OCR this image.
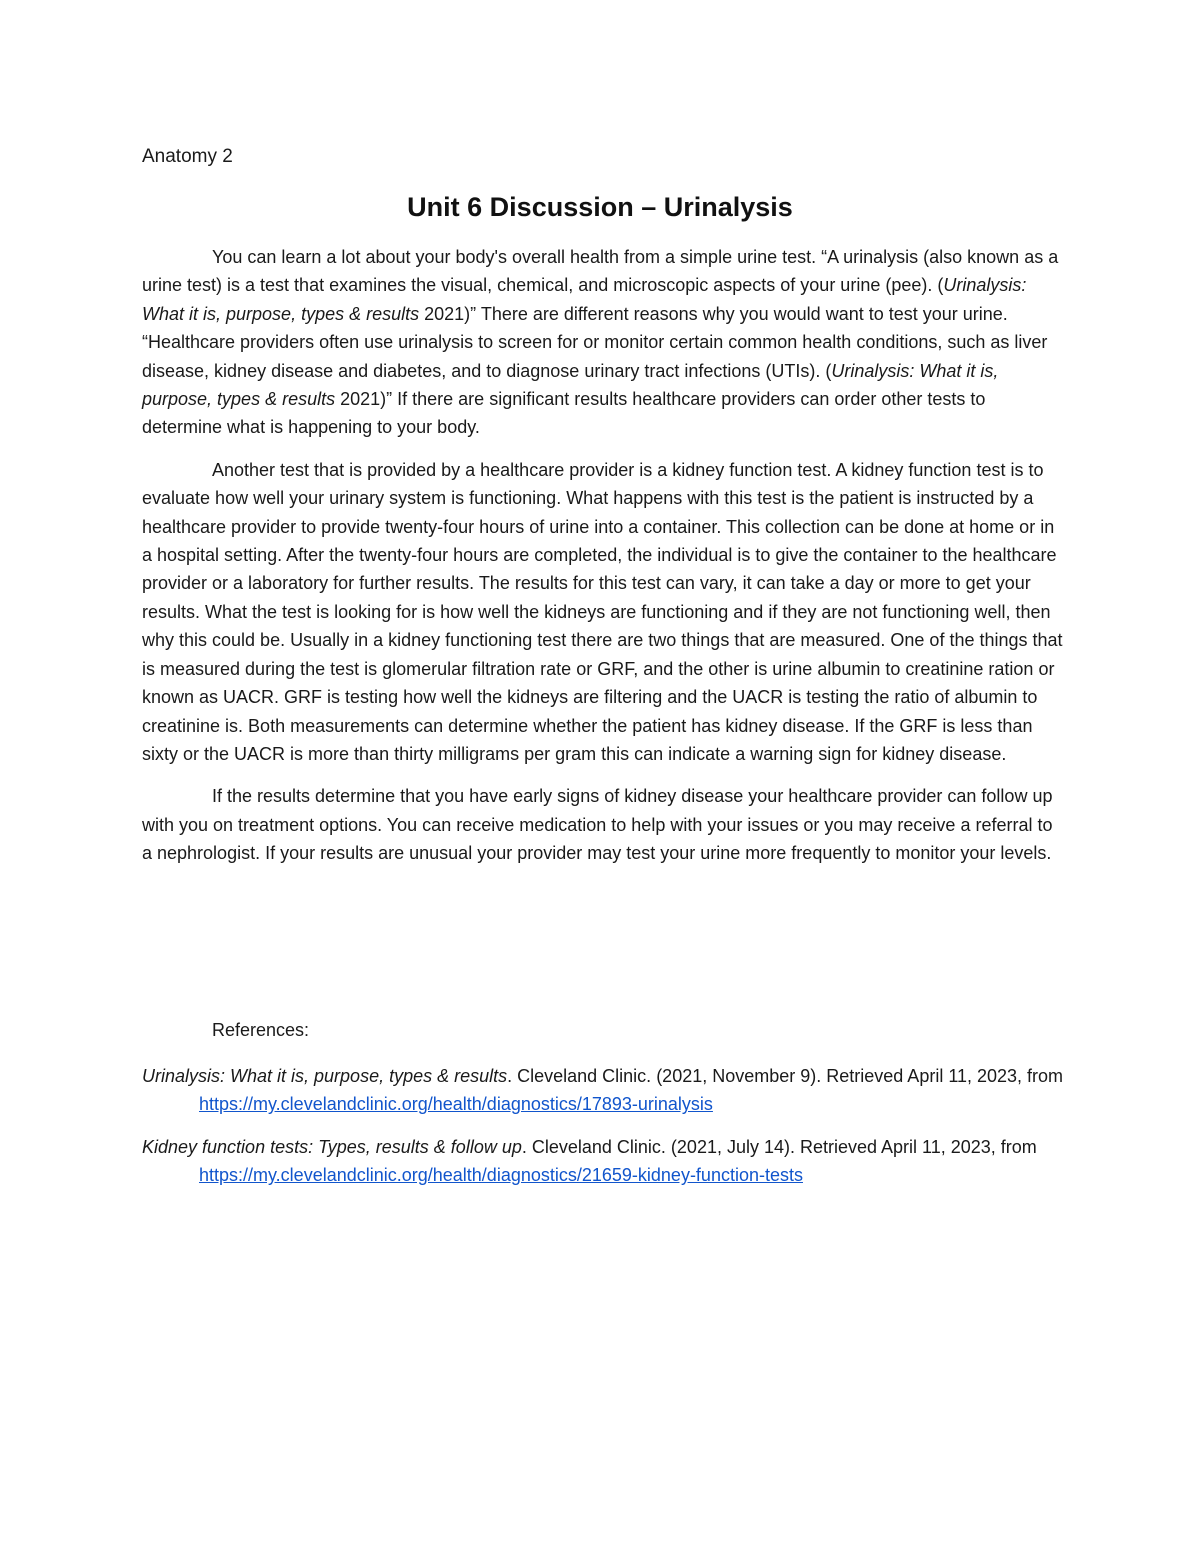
Anatomy 2

Unit 6 Discussion – Urinalysis

You can learn a lot about your body's overall health from a simple urine test. “A urinalysis (also known as a urine test) is a test that examines the visual, chemical, and microscopic aspects of your urine (pee). (Urinalysis: What it is, purpose, types & results 2021)” There are different reasons why you would want to test your urine. “Healthcare providers often use urinalysis to screen for or monitor certain common health conditions, such as liver disease, kidney disease and diabetes, and to diagnose urinary tract infections (UTIs). (Urinalysis: What it is, purpose, types & results 2021)” If there are significant results healthcare providers can order other tests to determine what is happening to your body.

Another test that is provided by a healthcare provider is a kidney function test. A kidney function test is to evaluate how well your urinary system is functioning. What happens with this test is the patient is instructed by a healthcare provider to provide twenty-four hours of urine into a container. This collection can be done at home or in a hospital setting. After the twenty-four hours are completed, the individual is to give the container to the healthcare provider or a laboratory for further results. The results for this test can vary, it can take a day or more to get your results. What the test is looking for is how well the kidneys are functioning and if they are not functioning well, then why this could be. Usually in a kidney functioning test there are two things that are measured. One of the things that is measured during the test is glomerular filtration rate or GRF, and the other is urine albumin to creatinine ration or known as UACR. GRF is testing how well the kidneys are filtering and the UACR is testing the ratio of albumin to creatinine is. Both measurements can determine whether the patient has kidney disease. If the GRF is less than sixty or the UACR is more than thirty milligrams per gram this can indicate a warning sign for kidney disease.

If the results determine that you have early signs of kidney disease your healthcare provider can follow up with you on treatment options. You can receive medication to help with your issues or you may receive a referral to a nephrologist. If your results are unusual your provider may test your urine more frequently to monitor your levels.

References:

Urinalysis: What it is, purpose, types & results. Cleveland Clinic. (2021, November 9). Retrieved April 11, 2023, from https://my.clevelandclinic.org/health/diagnostics/17893-urinalysis

Kidney function tests: Types, results & follow up. Cleveland Clinic. (2021, July 14). Retrieved April 11, 2023, from https://my.clevelandclinic.org/health/diagnostics/21659-kidney-function-tests
